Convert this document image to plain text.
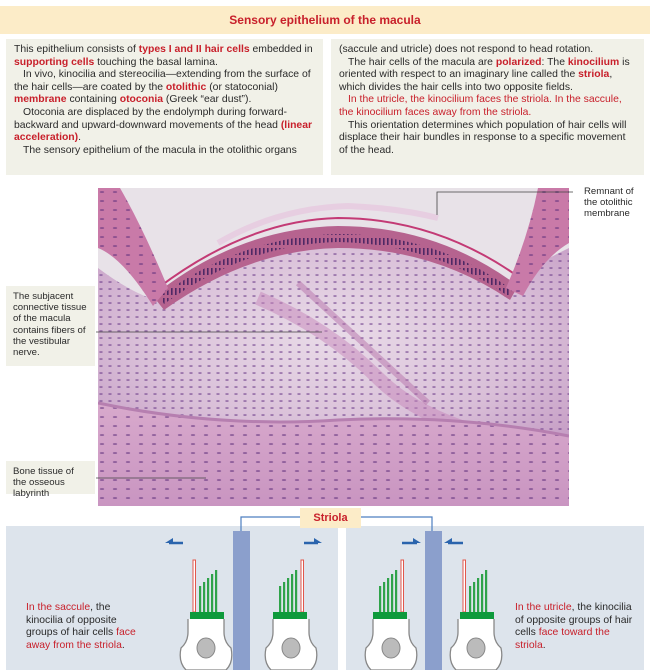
Sensory epithelium of the macula

This epithelium consists of types I and II hair cells embedded in supporting cells touching the basal lamina.

In vivo, kinocilia and stereocilia—extending from the surface of the hair cells—are coated by the otolithic (or statoconial) membrane containing otoconia (Greek “ear dust”).

Otoconia are displaced by the endolymph during forward-backward and upward-downward movements of the head (linear acceleration).

The sensory epithelium of the macula in the otolithic organs

(saccule and utricle) does not respond to head rotation.

The hair cells of the macula are polarized: The kinocilium is oriented with respect to an imaginary line called the striola, which divides the hair cells into two opposite fields.

In the utricle, the kinocilium faces the striola. In the saccule, the kinocilium faces away from the striola.

This orientation determines which population of hair cells will displace their hair bundles in response to a specific movement of the head.

Remnant of the otolithic membrane
The subjacent connective tissue of the macula contains fibers of the vestibular nerve.
Bone tissue of the osseous labyrinth
Striola
In the saccule, the kinocilia of opposite groups of hair cells face away from the striola.
In the utricle, the kinocilia of opposite groups of hair cells face toward the striola.
